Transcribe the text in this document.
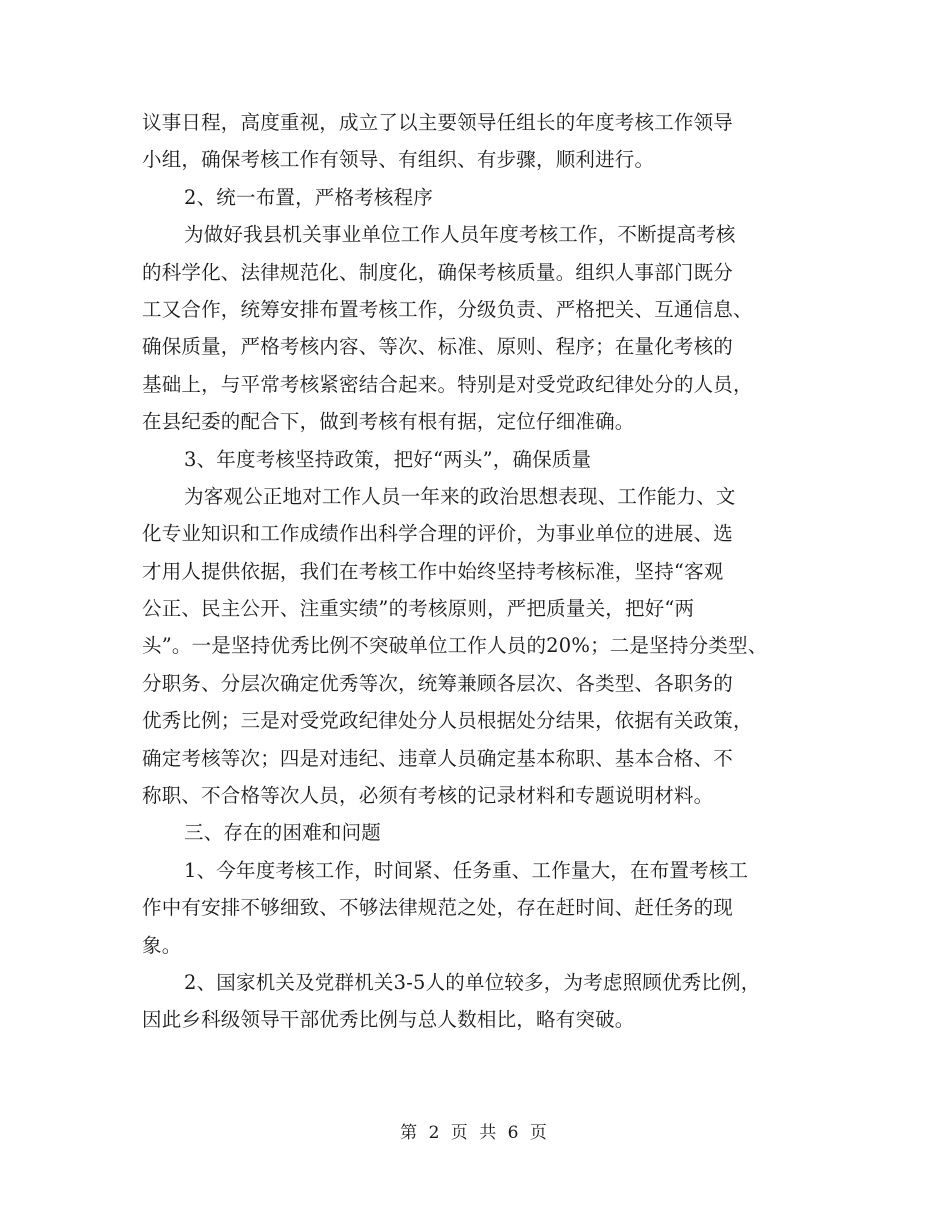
议事日程，高度重视，成立了以主要领导任组长的年度考核工作领导
小组，确保考核工作有领导、有组织、有步骤，顺利进行。
2、统一布置，严格考核程序
为做好我县机关事业单位工作人员年度考核工作，不断提高考核
的科学化、法律规范化、制度化，确保考核质量。组织人事部门既分
工又合作，统筹安排布置考核工作，分级负责、严格把关、互通信息、
确保质量，严格考核内容、等次、标准、原则、程序；在量化考核的
基础上，与平常考核紧密结合起来。特别是对受党政纪律处分的人员，
在县纪委的配合下，做到考核有根有据，定位仔细准确。
3、年度考核坚持政策，把好“两头”，确保质量
为客观公正地对工作人员一年来的政治思想表现、工作能力、文
化专业知识和工作成绩作出科学合理的评价，为事业单位的进展、选
才用人提供依据，我们在考核工作中始终坚持考核标准，坚持“客观
公正、民主公开、注重实绩”的考核原则，严把质量关，把好“两
头”。一是坚持优秀比例不突破单位工作人员的20%；二是坚持分类型、
分职务、分层次确定优秀等次，统筹兼顾各层次、各类型、各职务的
优秀比例；三是对受党政纪律处分人员根据处分结果，依据有关政策，
确定考核等次；四是对违纪、违章人员确定基本称职、基本合格、不
称职、不合格等次人员，必须有考核的记录材料和专题说明材料。
三、存在的困难和问题
1、今年度考核工作，时间紧、任务重、工作量大，在布置考核工
作中有安排不够细致、不够法律规范之处，存在赶时间、赶任务的现
象。
2、国家机关及党群机关3-5人的单位较多，为考虑照顾优秀比例，
因此乡科级领导干部优秀比例与总人数相比，略有突破。
第 2 页 共 6 页
